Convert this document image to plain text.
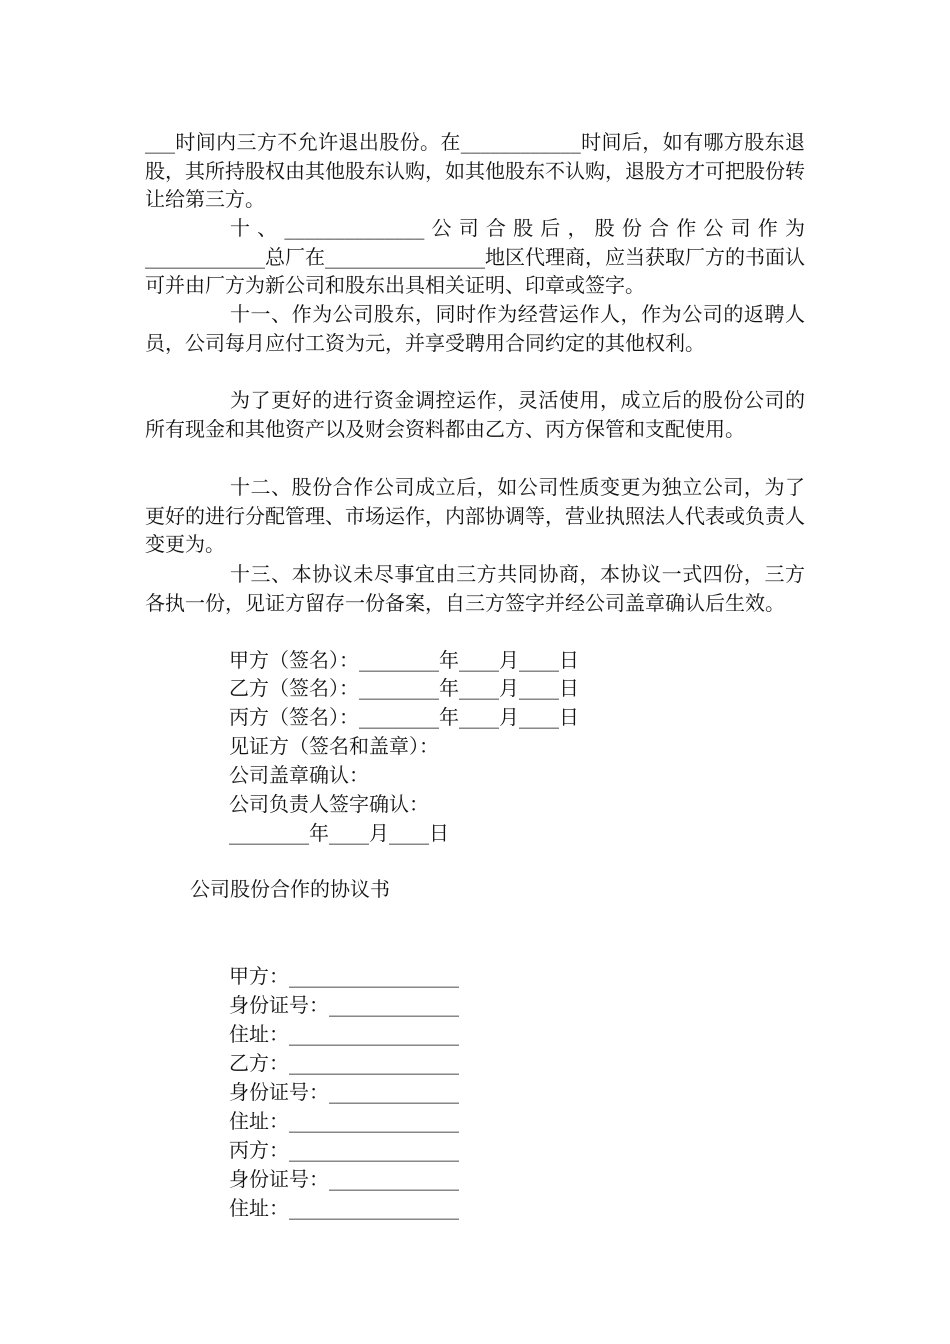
___时间内三方不允许退出股份。在____________时间后，如有哪方股东退股，其所持股权由其他股东认购，如其他股东不认购，退股方才可把股份转让给第三方。

十、______________公司合股后，股份合作公司作为____________总厂在________________地区代理商，应当获取厂方的书面认可并由厂方为新公司和股东出具相关证明、印章或签字。

十一、作为公司股东，同时作为经营运作人，作为公司的返聘人员，公司每月应付工资为元，并享受聘用合同约定的其他权利。

为了更好的进行资金调控运作，灵活使用，成立后的股份公司的所有现金和其他资产以及财会资料都由乙方、丙方保管和支配使用。

十二、股份合作公司成立后，如公司性质变更为独立公司，为了更好的进行分配管理、市场运作，内部协调等，营业执照法人代表或负责人变更为。

十三、本协议未尽事宜由三方共同协商，本协议一式四份，三方各执一份，见证方留存一份备案，自三方签字并经公司盖章确认后生效。

甲方（签名）：________年____月____日
乙方（签名）：________年____月____日
丙方（签名）：________年____月____日
见证方（签名和盖章）：
公司盖章确认：
公司负责人签字确认：
________年____月____日
公司股份合作的协议书
甲方：_________________
身份证号：_____________
住址：_________________
乙方：_________________
身份证号：_____________
住址：_________________
丙方：_________________
身份证号：_____________
住址：_________________
